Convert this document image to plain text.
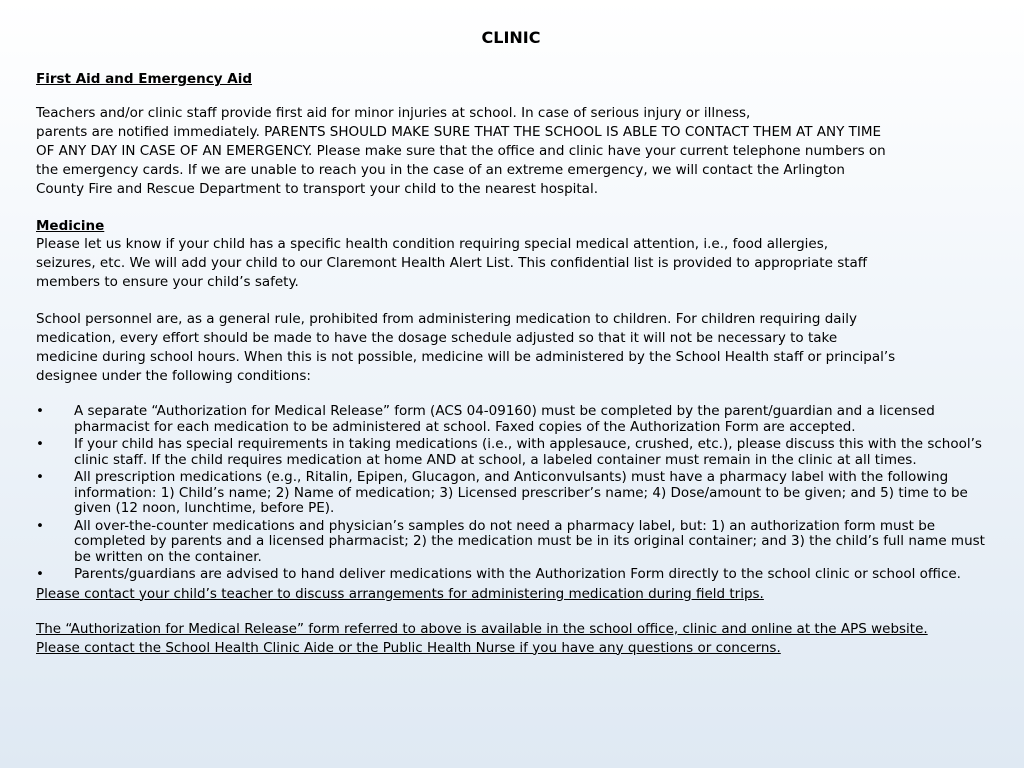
CLINIC
First Aid and Emergency Aid
Teachers and/or clinic staff provide first aid for minor injuries at school. In case of serious injury or illness,
parents are notified immediately. PARENTS SHOULD MAKE SURE THAT THE SCHOOL IS ABLE TO CONTACT THEM AT ANY TIME
OF ANY DAY IN CASE OF AN EMERGENCY. Please make sure that the office and clinic have your current telephone numbers on
the emergency cards. If we are unable to reach you in the case of an extreme emergency, we will contact the Arlington
County Fire and Rescue Department to transport your child to the nearest hospital.
Medicine
Please let us know if your child has a specific health condition requiring special medical attention, i.e., food allergies,
seizures, etc. We will add your child to our Claremont Health Alert List. This confidential list is provided to appropriate staff
members to ensure your child’s safety.
School personnel are, as a general rule, prohibited from administering medication to children. For children requiring daily
medication, every effort should be made to have the dosage schedule adjusted so that it will not be necessary to take
medicine during school hours. When this is not possible, medicine will be administered by the School Health staff or principal’s
designee under the following conditions:
• A separate “Authorization for Medical Release” form (ACS 04-09160) must be completed by the parent/guardian and a licensed pharmacist for each medication to be administered at school. Faxed copies of the Authorization Form are accepted.
• If your child has special requirements in taking medications (i.e., with applesauce, crushed, etc.), please discuss this with the school’s clinic staff. If the child requires medication at home AND at school, a labeled container must remain in the clinic at all times.
• All prescription medications (e.g., Ritalin, Epipen, Glucagon, and Anticonvulsants) must have a pharmacy label with the following information: 1) Child’s name; 2) Name of medication; 3) Licensed prescriber’s name; 4) Dose/amount to be given; and 5) time to be given (12 noon, lunchtime, before PE).
• All over-the-counter medications and physician’s samples do not need a pharmacy label, but: 1) an authorization form must be completed by parents and a licensed pharmacist; 2) the medication must be in its original container; and 3) the child’s full name must be written on the container.
• Parents/guardians are advised to hand deliver medications with the Authorization Form directly to the school clinic or school office.
Please contact your child’s teacher to discuss arrangements for administering medication during field trips.
The “Authorization for Medical Release” form referred to above is available in the school office, clinic and online at the APS website.
Please contact the School Health Clinic Aide or the Public Health Nurse if you have any questions or concerns.
